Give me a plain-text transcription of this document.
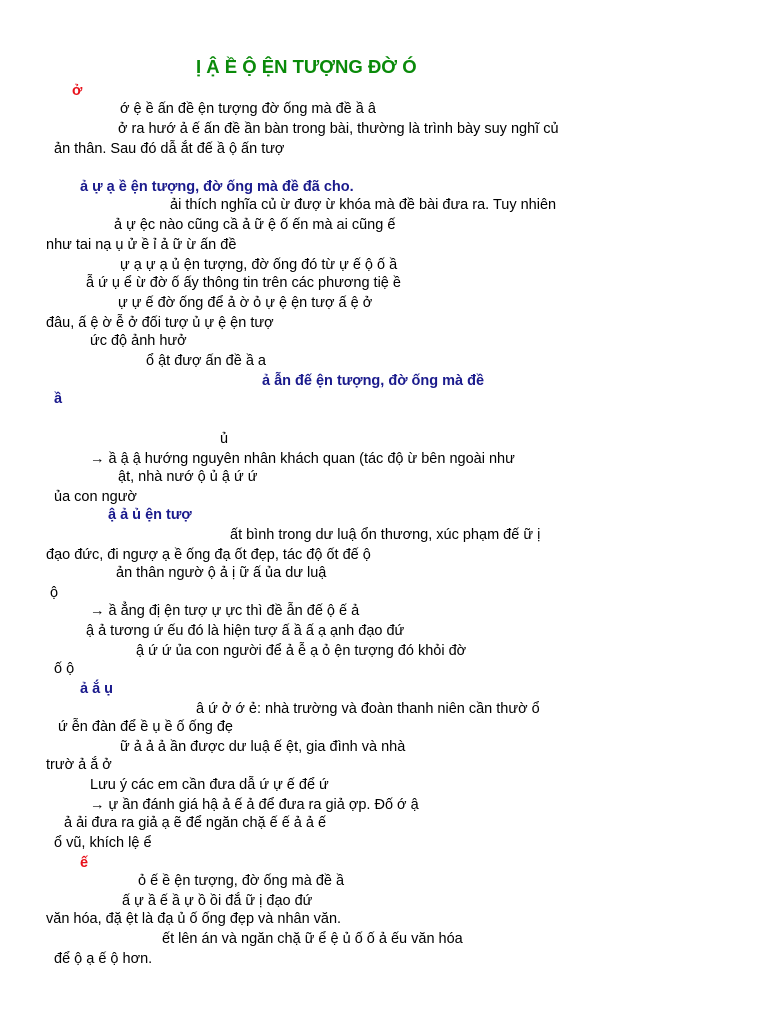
Ị Ậ Ề Ộ ỆN TƯỢNG ĐỜ Ó
ở
ớ ệ ề ấn đề ện tượng đờ ống mà đề ầ â
ở ra hướ ả ế ấn đề ần bàn trong bài, thường là trình bày suy nghĩ củ
ản thân. Sau đó dẫ ắt đế ầ ộ ấn tượ
ả ự ạ ề ện tượng, đờ ống mà đề đã cho.
ải thích nghĩa củ ừ đượ ừ khóa mà đề bài đưa ra. Tuy nhiên
ả ự ệc nào cũng cầ ả ữ ệ ố ến mà ai cũng ế
như tai nạ ụ ử ề ỉ ả ữ ừ ấn đề
ự ạ ự ạ ủ ện tượng, đờ ống đó từ ự ế ộ ố ầ
ẫ ứ ụ ể ừ đờ ố ấy thông tin trên các phương tiệ ề
ự ự ế đờ ống để ả ờ ỏ ự ệ ện tượ ấ ệ ở
đâu, ấ ệ ờ ễ ở đối tượ ủ ự ệ ện tượ
ức độ ảnh hưở
ổ ật đượ ấn đề ầ a
ả ẫn đế ện tượng, đờ ống mà đề
ầ
ủ
→ ầ ậ ậ hướng nguyên nhân khách quan (tác độ ừ bên ngoài như
ật, nhà nướ ộ ủ ậ ứ ứ
ủa con ngườ
ậ ả ủ ện tượ
ất bình trong dư luậ ổn thương, xúc phạm đế ữ ị
đạo đức, đi ngượ ạ ề ống đạ ốt đẹp, tác độ ốt đế ộ
ản thân ngườ ộ ả ị ữ ấ ủa dư luậ
ộ
→ ầ ẳng đị ện tượ ự ực thì đề ẫn đế ộ ế ả
ậ ả tương ứ ếu đó là hiện tượ ấ ầ ấ ạ ạnh đạo đứ
ậ ứ ứ ủa con người để ả ễ ạ ỏ ện tượng đó khỏi đờ
ố ộ
ả ắ ụ
â ứ ở ớ ẻ: nhà trường và đoàn thanh niên cần thườ ổ
ứ ễn đàn để ề ụ ề ố ống đẹ
ữ ả ả ả ần được dư luậ ế ệt, gia đình và nhà
trườ ả ắ ở
Lưu ý các em cần đưa dẫ ứ ự ế để ứ
→ ự ần đánh giá hậ ả ế ả để đưa ra giả ợp. Đố ớ ậ
ả ải đưa ra giả ạ ẽ để ngăn chặ ế ế ả ả ế
ổ vũ, khích lệ ể
ế
ỏ ế ề ện tượng, đờ ống mà đề ầ
ấ ự ầ ế ầ ự ồ ồi đắ ữ ị đạo đứ
văn hóa, đặ ệt là đạ ủ ố ống đẹp và nhân văn.
ết lên án và ngăn chặ ữ ể ệ ủ ố ố ả ếu văn hóa
để ộ ạ ế ộ hơn.
